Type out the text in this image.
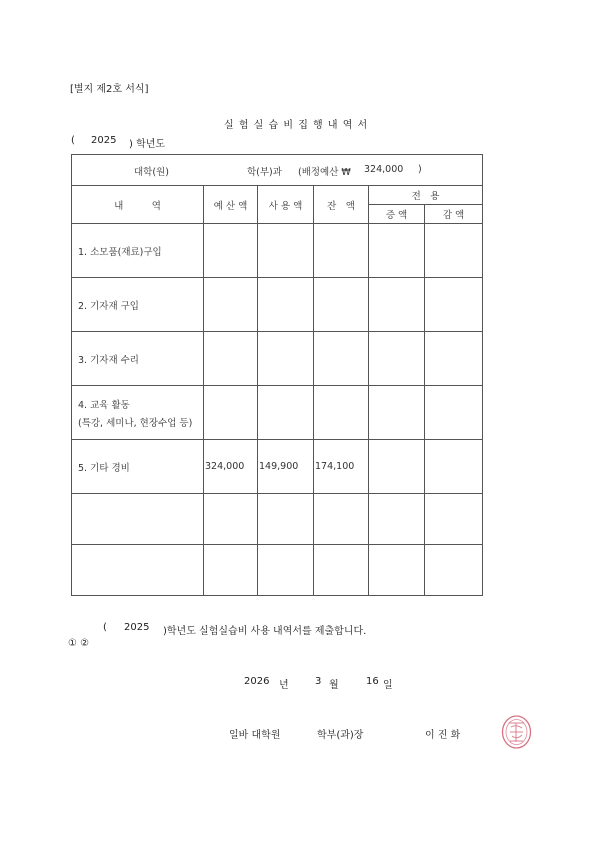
[별지 제2호 서식]
실 험 실 습 비 집 행 내 역 서
( 2025 ) 학년도
대학(원) 학(부)과 (배정예산 ₩ 324,000 )					

내　　　역	예 산 액	사 용 액	잔　액	전　용	
				증 액	감 액
1. 소모품(재료)구입					
2. 기자재 구입					
3. 기자재 수리					

4. 교육 활동
(특강, 세미나, 현장수업 등)					

5. 기타 경비	324,000	149,900	174,100		

( 2025 )학년도 실험실습비 사용 내역서를 제출합니다.
① ②
2026 년	3 월	16 일
일바 대학원	학부(과)장	이 진 화
